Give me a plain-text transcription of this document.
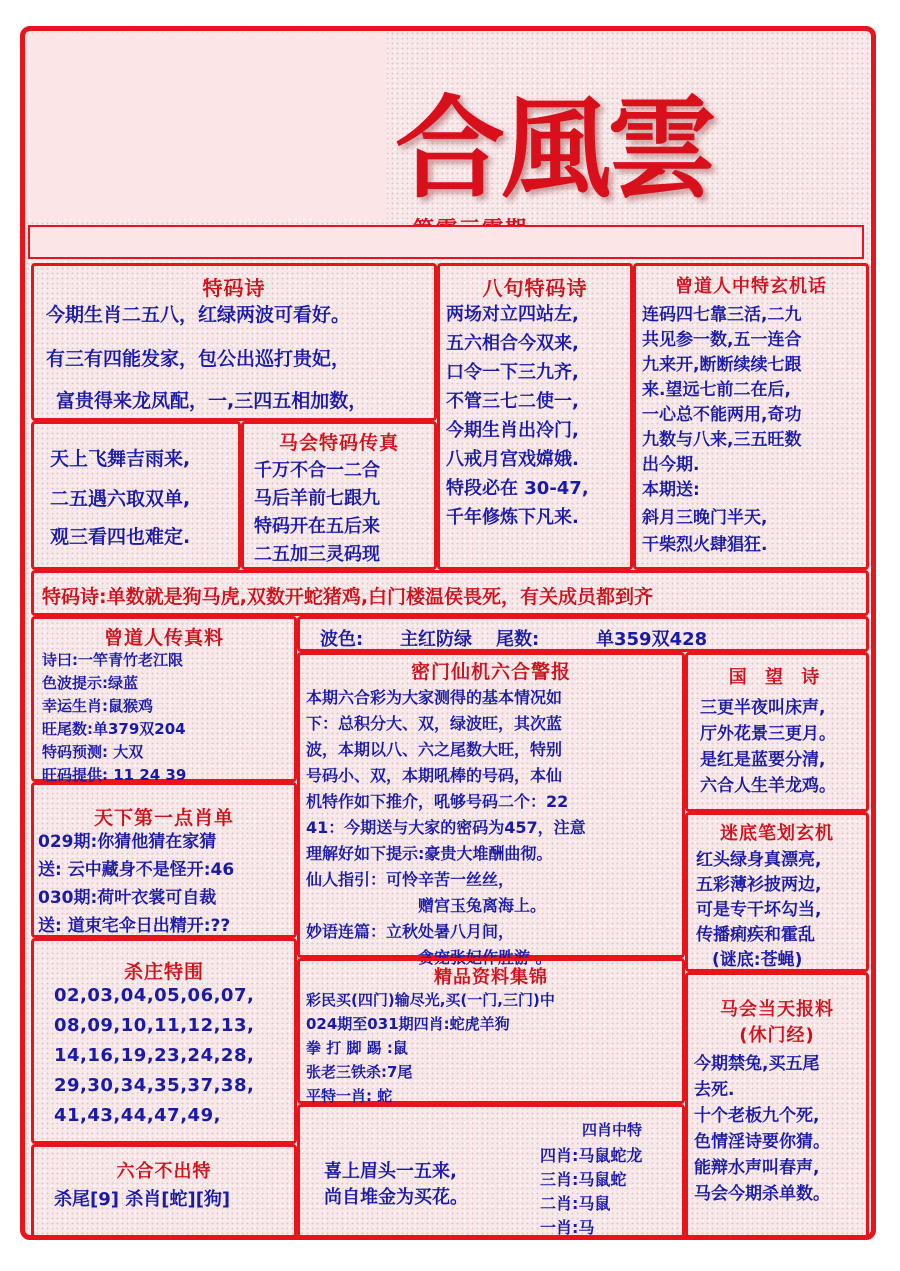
合風雲
特码诗
今期生肖二五八，红绿两波可看好。
有三有四能发家，包公出巡打贵妃，
富贵得来龙凤配，一,三四五相加数，
八句特码诗
两场对立四站左,
五六相合今双来,
口令一下三九齐,
不管三七二使一,
今期生肖出冷门,
八戒月宫戏嫦娥.
特段必在 30-47,
千年修炼下凡来.
曾道人中特玄机话
连码四七靠三活,二九
共见参一数,五一连合
九来开,断断续续七跟
来.望远七前二在后,
一心总不能两用,奇功
九数与八来,三五旺数
出今期.
本期送:
斜月三晚门半天,
干柴烈火肆猖狂.
天上飞舞吉雨来,
二五遇六取双单,
观三看四也难定.
马会特码传真
千万不合一二合
马后羊前七跟九
特码开在五后来
二五加三灵码现
特码诗:单数就是狗马虎,双数开蛇猪鸡,白门楼温侯畏死，有关成员都到齐
曾道人传真料
诗曰:一竿青竹老江限
色波提示:绿蓝
幸运生肖:鼠猴鸡
旺尾数:单379双204
特码预测: 大双
旺码提供: 11 24 39
波色: 主红防绿 尾数:	单359双428
密门仙机六合警报
本期六合彩为大家测得的基本情况如
下：总积分大、双，绿波旺，其次蓝
波，本期以八、六之尾数大旺，特别
号码小、双，本期吼棒的号码，本仙
机特作如下推介，吼够号码二个：22
41：今期送与大家的密码为457，注意
理解好如下提示:豪贵大堆酬曲彻。
仙人指引：可怜辛苦一丝丝，
赠宫玉兔离海上。
妙语连篇：立秋处暑八月间，
贪宠张妃作胜游 。
国 望 诗
三更半夜叫床声,
厅外花景三更月。
是红是蓝要分清,
六合人生羊龙鸡。
天下第一点肖单
029期:你猜他猜在家猜
送: 云中藏身不是怪开:46
030期:荷叶衣裳可自裁
送: 道束宅伞日出精开:??
迷底笔划玄机
红头绿身真漂亮,
五彩薄衫披两边,
可是专干坏勾当,
传播痢疾和霍乱
(谜底:苍蝇)
杀庄特围
02,03,04,05,06,07,
08,09,10,11,12,13,
14,16,19,23,24,28,
29,30,34,35,37,38,
41,43,44,47,49,
精品资料集锦
彩民买(四门)输尽光,买(一门,三门)中
024期至031期四肖:蛇虎羊狗
拳 打 脚 踢 :鼠
张老三铁杀:7尾
平特一肖: 蛇
马会当天报料
(休门经)
今期禁兔,买五尾
去死.
十个老板九个死,
色情淫诗要你猜。
能辩水声叫春声,
马会今期杀单数。
六合不出特
杀尾[9] 杀肖[蛇][狗]
喜上眉头一五来,
尚自堆金为买花。
四肖中特
四肖:马鼠蛇龙
三肖:马鼠蛇
二肖:马鼠
一肖:马
